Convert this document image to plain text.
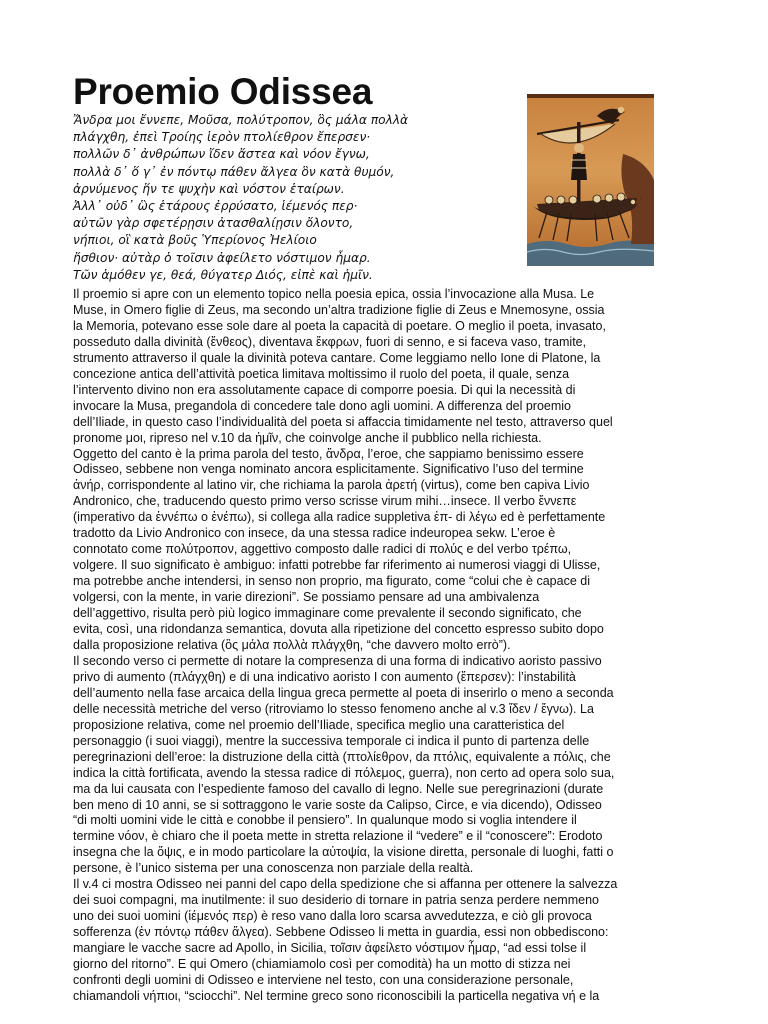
Proemio Odissea
Ἄνδρα μοι ἔννεπε, Μοῦσα, πολύτροπον, ὃς μάλα πολλὰ
πλάγχθη, ἐπεὶ Τροίης ἱερὸν πτολίεθρον ἔπερσεν·
πολλῶν δ᾽ ἀνθρώπων ἴδεν ἄστεα καὶ νόον ἔγνω,
πολλὰ δ᾽ ὅ γ᾽ ἐν πόντῳ πάθεν ἄλγεα ὃν κατὰ θυμόν,
ἀρνύμενος ἥν τε ψυχὴν καὶ νόστον ἑταίρων.
Ἀλλ᾽ οὐδ᾽ ὣς ἑτάρους ἐρρύσατο, ἱέμενός περ·
αὐτῶν γὰρ σφετέρῃσιν ἀτασθαλίῃσιν ὄλοντο,
νήπιοι, οἳ κατὰ βοῦς Ὑπερίονος Ἠελίοιο
ἤσθιον· αὐτὰρ ὁ τοῖσιν ἀφείλετο νόστιμον ἦμαρ.
Τῶν ἁμόθεν γε, θεά, θύγατερ Διός, εἰπὲ καὶ ἡμῖν.
Il proemio si apre con un elemento topico nella poesia epica, ossia l’invocazione alla Musa. Le
Muse, in Omero figlie di Zeus, ma secondo un’altra tradizione figlie di Zeus e Mnemosyne, ossia
la Memoria, potevano esse sole dare al poeta la capacità di poetare. O meglio il poeta, invasato,
posseduto dalla divinità (ἔνθεος), diventava ἔκφρων, fuori di senno, e si faceva vaso, tramite,
strumento attraverso il quale la divinità poteva cantare. Come leggiamo nello Ione di Platone, la
concezione antica dell’attività poetica limitava moltissimo il ruolo del poeta, il quale, senza
l’intervento divino non era assolutamente capace di comporre poesia. Di qui la necessità di
invocare la Musa, pregandola di concedere tale dono agli uomini. A differenza del proemio
dell’Iliade, in questo caso l’individualità del poeta si affaccia timidamente nel testo, attraverso quel
pronome μοι, ripreso nel v.10 da ἡμῖν, che coinvolge anche il pubblico nella richiesta.
Oggetto del canto è la prima parola del testo, ἄνδρα, l’eroe, che sappiamo benissimo essere
Odisseo, sebbene non venga nominato ancora esplicitamente. Significativo l’uso del termine
ἀνήρ, corrispondente al latino vir, che richiama la parola ἀρετή (virtus), come ben capiva Livio
Andronico, che, traducendo questo primo verso scrisse virum mihi…insece. Il verbo ἔννεπε
(imperativo da ἐννέπω o ἐνέπω), si collega alla radice suppletiva ἐπ- di λέγω ed è perfettamente
tradotto da Livio Andronico con insece, da una stessa radice indeuropea sekw. L’eroe è
connotato come πολύτροπον, aggettivo composto dalle radici di πολύς e del verbo τρέπω,
volgere. Il suo significato è ambiguo: infatti potrebbe far riferimento ai numerosi viaggi di Ulisse,
ma potrebbe anche intendersi, in senso non proprio, ma figurato, come “colui che è capace di
volgersi, con la mente, in varie direzioni”. Se possiamo pensare ad una ambivalenza
dell’aggettivo, risulta però più logico immaginare come prevalente il secondo significato, che
evita, così, una ridondanza semantica, dovuta alla ripetizione del concetto espresso subito dopo
dalla proposizione relativa (ὃς μάλα πολλὰ πλάγχθη, “che davvero molto errò”).
Il secondo verso ci permette di notare la compresenza di una forma di indicativo aoristo passivo
privo di aumento (πλάγχθη) e di una indicativo aoristo I con aumento (ἔπερσεν): l’instabilità
dell’aumento nella fase arcaica della lingua greca permette al poeta di inserirlo o meno a seconda
delle necessità metriche del verso (ritroviamo lo stesso fenomeno anche al v.3 ἴδεν / ἔγνω). La
proposizione relativa, come nel proemio dell’Iliade, specifica meglio una caratteristica del
personaggio (i suoi viaggi), mentre la successiva temporale ci indica il punto di partenza delle
peregrinazioni dell’eroe: la distruzione della città (πτολίεθρον, da πτόλις, equivalente a πόλις, che
indica la città fortificata, avendo la stessa radice di πόλεμος, guerra), non certo ad opera solo sua,
ma da lui causata con l’espediente famoso del cavallo di legno. Nelle sue peregrinazioni (durate
ben meno di 10 anni, se si sottraggono le varie soste da Calipso, Circe, e via dicendo), Odisseo
“di molti uomini vide le città e conobbe il pensiero”. In qualunque modo si voglia intendere il
termine νόον, è chiaro che il poeta mette in stretta relazione il “vedere” e il “conoscere”: Erodoto
insegna che la ὄψις, e in modo particolare la αὐτοψία, la visione diretta, personale di luoghi, fatti o
persone, è l’unico sistema per una conoscenza non parziale della realtà.
Il v.4 ci mostra Odisseo nei panni del capo della spedizione che si affanna per ottenere la salvezza
dei suoi compagni, ma inutilmente: il suo desiderio di tornare in patria senza perdere nemmeno
uno dei suoi uomini (ἱέμενός περ) è reso vano dalla loro scarsa avvedutezza, e ciò gli provoca
sofferenza (ἐν πόντῳ πάθεν ἄλγεα). Sebbene Odisseo li metta in guardia, essi non obbediscono:
mangiare le vacche sacre ad Apollo, in Sicilia, τοῖσιν ἀφείλετο νόστιμον ἦμαρ, “ad essi tolse il
giorno del ritorno”. E qui Omero (chiamiamolo così per comodità) ha un motto di stizza nei
confronti degli uomini di Odisseo e interviene nel testo, con una considerazione personale,
chiamandoli νήπιοι, “sciocchi”. Nel termine greco sono riconoscibili la particella negativa νή e la
